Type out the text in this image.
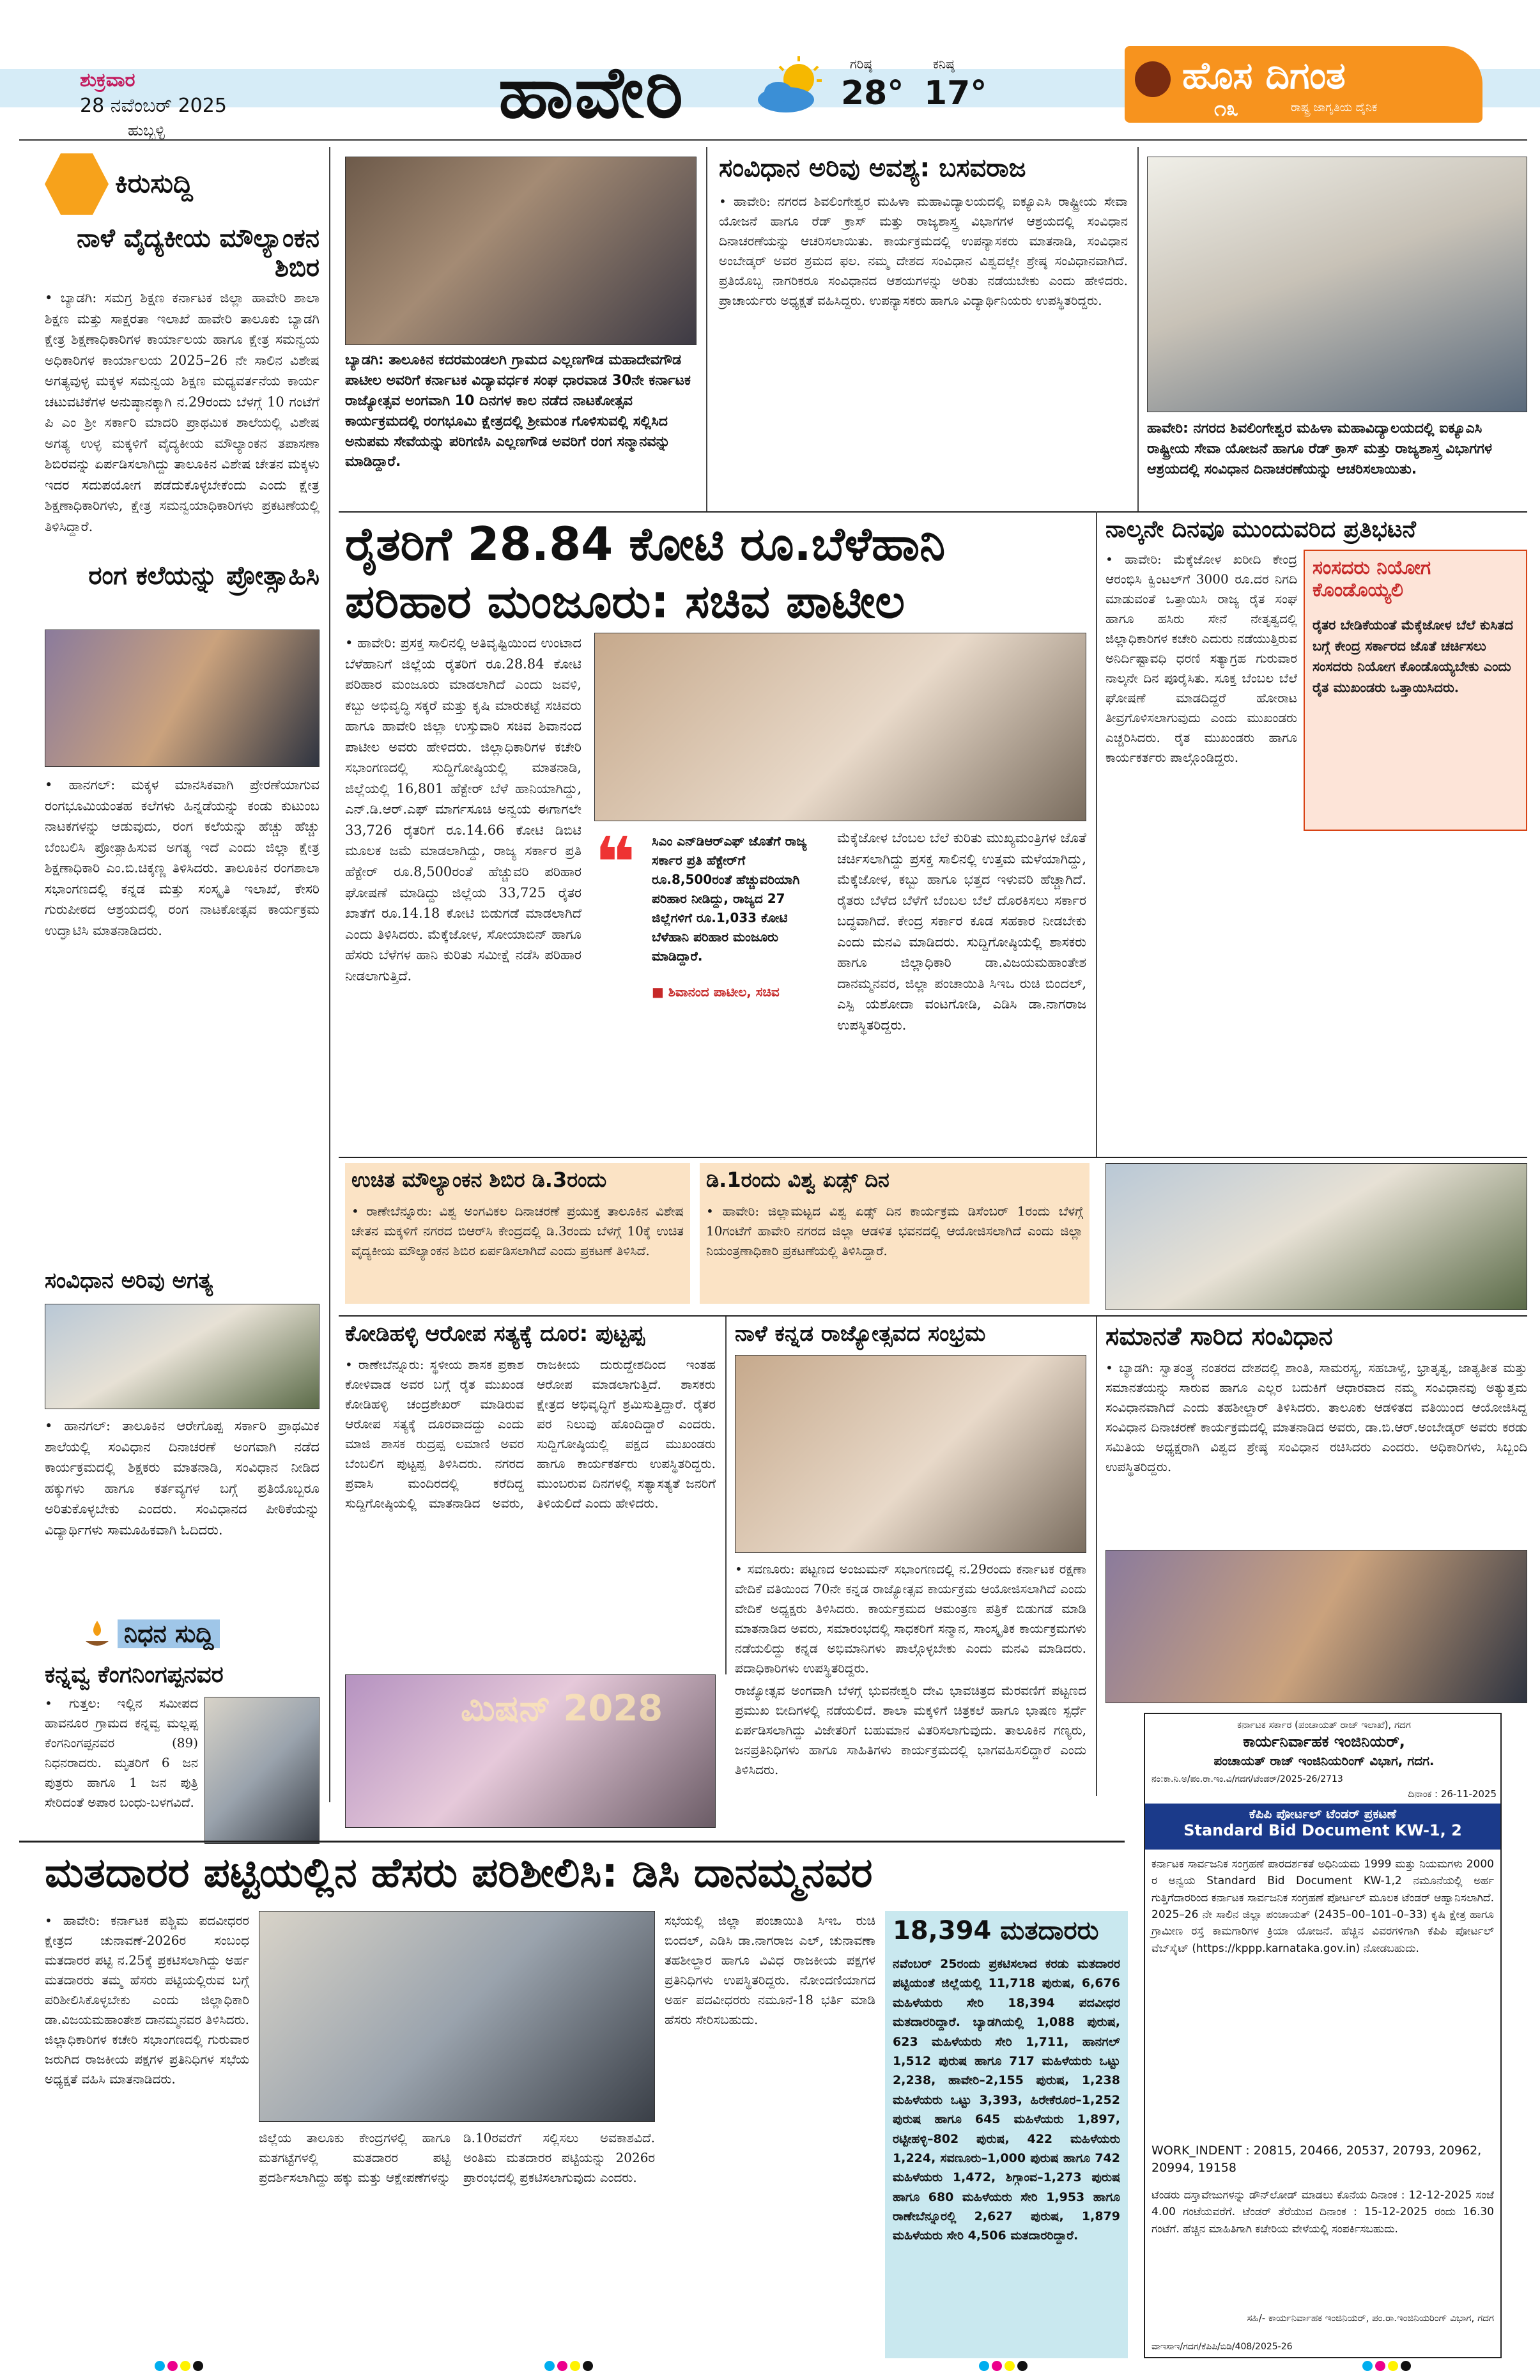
ಶುಕ್ರವಾರ
28 ನವೆಂಬರ್ 2025
ಹುಬ್ಬಳ್ಳಿ	ಹಾವೇರಿ	ಗರಿಷ್ಠ
28°
ಕನಿಷ್ಠ
17°	ಹೊಸ ದಿಗಂತ
೧೩	ರಾಷ್ಟ್ರ ಜಾಗೃತಿಯ ದೈನಿಕ
ಕಿರುಸುದ್ದಿ
ನಾಳೆ ವೈದ್ಯಕೀಯ ಮೌಲ್ಯಾಂಕನ ಶಿಬಿರ
• ಬ್ಯಾಡಗಿ: ಸಮಗ್ರ ಶಿಕ್ಷಣ ಕರ್ನಾಟಕ ಜಿಲ್ಲಾ ಹಾವೇರಿ ಶಾಲಾ ಶಿಕ್ಷಣ ಮತ್ತು ಸಾಕ್ಷರತಾ ಇಲಾಖೆ ಹಾವೇರಿ ತಾಲೂಕು ಬ್ಯಾಡಗಿ ಕ್ಷೇತ್ರ ಶಿಕ್ಷಣಾಧಿಕಾರಿಗಳ ಕಾರ್ಯಾಲಯ ಹಾಗೂ ಕ್ಷೇತ್ರ ಸಮನ್ವಯ ಅಧಿಕಾರಿಗಳ ಕಾರ್ಯಾಲಯ 2025–26 ನೇ ಸಾಲಿನ ವಿಶೇಷ ಅಗತ್ಯವುಳ್ಳ ಮಕ್ಕಳ ಸಮನ್ವಯ ಶಿಕ್ಷಣ ಮಧ್ಯವರ್ತನೆಯ ಕಾರ್ಯ ಚಟುವಟಿಕೆಗಳ ಅನುಷ್ಠಾನಕ್ಕಾಗಿ ನ.29ರಂದು ಬೆಳಗ್ಗೆ 10 ಗಂಟೆಗೆ ಪಿ ಎಂ ಶ್ರೀ ಸರ್ಕಾರಿ ಮಾದರಿ ಪ್ರಾಥಮಿಕ ಶಾಲೆಯಲ್ಲಿ ವಿಶೇಷ ಅಗತ್ಯ ಉಳ್ಳ ಮಕ್ಕಳಿಗೆ ವೈದ್ಯಕೀಯ ಮೌಲ್ಯಾಂಕನ ತಪಾಸಣಾ ಶಿಬಿರವನ್ನು ಏರ್ಪಡಿಸಲಾಗಿದ್ದು ತಾಲೂಕಿನ ವಿಶೇಷ ಚೇತನ ಮಕ್ಕಳು ಇದರ ಸದುಪಯೋಗ ಪಡೆದುಕೊಳ್ಳಬೇಕೆಂದು ಎಂದು ಕ್ಷೇತ್ರ ಶಿಕ್ಷಣಾಧಿಕಾರಿಗಳು, ಕ್ಷೇತ್ರ ಸಮನ್ವಯಾಧಿಕಾರಿಗಳು ಪ್ರಕಟಣೆಯಲ್ಲಿ ತಿಳಿಸಿದ್ದಾರೆ.
ರಂಗ ಕಲೆಯನ್ನು ಪ್ರೋತ್ಸಾಹಿಸಿ
• ಹಾನಗಲ್: ಮಕ್ಕಳ ಮಾನಸಿಕವಾಗಿ ಪ್ರೇರಣೆಯಾಗುವ ರಂಗಭೂಮಿಯಂತಹ ಕಲೆಗಳು ಹಿನ್ನಡೆಯನ್ನು ಕಂಡು ಕುಟುಂಬ ನಾಟಕಗಳನ್ನು ಆಡುವುದು, ರಂಗ ಕಲೆಯನ್ನು ಹೆಚ್ಚು ಹೆಚ್ಚು ಬೆಂಬಲಿಸಿ ಪ್ರೋತ್ಸಾಹಿಸುವ ಅಗತ್ಯ ಇದೆ ಎಂದು ಜಿಲ್ಲಾ ಕ್ಷೇತ್ರ ಶಿಕ್ಷಣಾಧಿಕಾರಿ ಎಂ.ಬಿ.ಚಿಕ್ಕಣ್ಣ ತಿಳಿಸಿದರು. ತಾಲೂಕಿನ ರಂಗಶಾಲಾ ಸಭಾಂಗಣದಲ್ಲಿ ಕನ್ನಡ ಮತ್ತು ಸಂಸ್ಕೃತಿ ಇಲಾಖೆ, ಕೇಸರಿ ಗುರುಪೀಠದ ಆಶ್ರಯದಲ್ಲಿ ರಂಗ ನಾಟಕೋತ್ಸವ ಕಾರ್ಯಕ್ರಮ ಉದ್ಘಾಟಿಸಿ ಮಾತನಾಡಿದರು.
ಸಂವಿಧಾನ ಅರಿವು ಅಗತ್ಯ
• ಹಾನಗಲ್: ತಾಲೂಕಿನ ಆರೇಗೊಪ್ಪ ಸರ್ಕಾರಿ ಪ್ರಾಥಮಿಕ ಶಾಲೆಯಲ್ಲಿ ಸಂವಿಧಾನ ದಿನಾಚರಣೆ ಅಂಗವಾಗಿ ನಡೆದ ಕಾರ್ಯಕ್ರಮದಲ್ಲಿ ಶಿಕ್ಷಕರು ಮಾತನಾಡಿ, ಸಂವಿಧಾನ ನೀಡಿದ ಹಕ್ಕುಗಳು ಹಾಗೂ ಕರ್ತವ್ಯಗಳ ಬಗ್ಗೆ ಪ್ರತಿಯೊಬ್ಬರೂ ಅರಿತುಕೊಳ್ಳಬೇಕು ಎಂದರು. ಸಂವಿಧಾನದ ಪೀಠಿಕೆಯನ್ನು ವಿದ್ಯಾರ್ಥಿಗಳು ಸಾಮೂಹಿಕವಾಗಿ ಓದಿದರು.
ನಿಧನ ಸುದ್ದಿ
ಕನ್ನವ್ವ ಕೆಂಗನಿಂಗಪ್ಪನವರ
• ಗುತ್ತಲ: ಇಲ್ಲಿನ ಸಮೀಪದ ಹಾವನೂರ ಗ್ರಾಮದ ಕನ್ನವ್ವ ಮಲ್ಲಪ್ಪ ಕೆಂಗನಿಂಗಪ್ಪನವರ (89) ನಿಧನರಾದರು. ಮೃತರಿಗೆ 6 ಜನ ಪುತ್ರರು ಹಾಗೂ 1 ಜನ ಪುತ್ರಿ ಸೇರಿದಂತೆ ಅಪಾರ ಬಂಧು-ಬಳಗವಿದೆ.
ಬ್ಯಾಡಗಿ: ತಾಲೂಕಿನ ಕದರಮಂಡಲಗಿ ಗ್ರಾಮದ ಎಲ್ಲಣಗೌಡ ಮಹಾದೇವಗೌಡ ಪಾಟೀಲ ಅವರಿಗೆ ಕರ್ನಾಟಕ ವಿದ್ಯಾವರ್ಧಕ ಸಂಘ ಧಾರವಾಡ 30ನೇ ಕರ್ನಾಟಕ ರಾಜ್ಯೋತ್ಸವ ಅಂಗವಾಗಿ 10 ದಿನಗಳ ಕಾಲ ನಡೆದ ನಾಟಕೋತ್ಸವ ಕಾರ್ಯಕ್ರಮದಲ್ಲಿ ರಂಗಭೂಮಿ ಕ್ಷೇತ್ರದಲ್ಲಿ ಶ್ರೀಮಂತ ಗೊಳಿಸುವಲ್ಲಿ ಸಲ್ಲಿಸಿದ ಅನುಪಮ ಸೇವೆಯನ್ನು ಪರಿಗಣಿಸಿ ಎಲ್ಲಣಗೌಡ ಅವರಿಗೆ ರಂಗ ಸನ್ಮಾನವನ್ನು ಮಾಡಿದ್ದಾರೆ.
ಸಂವಿಧಾನ ಅರಿವು ಅವಶ್ಯ: ಬಸವರಾಜ
• ಹಾವೇರಿ: ನಗರದ ಶಿವಲಿಂಗೇಶ್ವರ ಮಹಿಳಾ ಮಹಾವಿದ್ಯಾಲಯದಲ್ಲಿ ಐಕ್ಯೂಎಸಿ ರಾಷ್ಟ್ರೀಯ ಸೇವಾ ಯೋಜನೆ ಹಾಗೂ ರೆಡ್ ಕ್ರಾಸ್ ಮತ್ತು ರಾಜ್ಯಶಾಸ್ತ್ರ ವಿಭಾಗಗಳ ಆಶ್ರಯದಲ್ಲಿ ಸಂವಿಧಾನ ದಿನಾಚರಣೆಯನ್ನು ಆಚರಿಸಲಾಯಿತು. ಕಾರ್ಯಕ್ರಮದಲ್ಲಿ ಉಪನ್ಯಾಸಕರು ಮಾತನಾಡಿ, ಸಂವಿಧಾನ ಅಂಬೇಡ್ಕರ್ ಅವರ ಶ್ರಮದ ಫಲ. ನಮ್ಮ ದೇಶದ ಸಂವಿಧಾನ ವಿಶ್ವದಲ್ಲೇ ಶ್ರೇಷ್ಠ ಸಂವಿಧಾನವಾಗಿದೆ. ಪ್ರತಿಯೊಬ್ಬ ನಾಗರಿಕರೂ ಸಂವಿಧಾನದ ಆಶಯಗಳನ್ನು ಅರಿತು ನಡೆಯಬೇಕು ಎಂದು ಹೇಳಿದರು. ಪ್ರಾಚಾರ್ಯರು ಅಧ್ಯಕ್ಷತೆ ವಹಿಸಿದ್ದರು. ಉಪನ್ಯಾಸಕರು ಹಾಗೂ ವಿದ್ಯಾರ್ಥಿನಿಯರು ಉಪಸ್ಥಿತರಿದ್ದರು.
ಹಾವೇರಿ: ನಗರದ ಶಿವಲಿಂಗೇಶ್ವರ ಮಹಿಳಾ ಮಹಾವಿದ್ಯಾಲಯದಲ್ಲಿ ಐಕ್ಯೂಎಸಿ ರಾಷ್ಟ್ರೀಯ ಸೇವಾ ಯೋಜನೆ ಹಾಗೂ ರೆಡ್ ಕ್ರಾಸ್ ಮತ್ತು ರಾಜ್ಯಶಾಸ್ತ್ರ ವಿಭಾಗಗಳ ಆಶ್ರಯದಲ್ಲಿ ಸಂವಿಧಾನ ದಿನಾಚರಣೆಯನ್ನು ಆಚರಿಸಲಾಯಿತು.
ರೈತರಿಗೆ 28.84 ಕೋಟಿ ರೂ.ಬೆಳೆಹಾನಿ
ಪರಿಹಾರ ಮಂಜೂರು: ಸಚಿವ ಪಾಟೀಲ
• ಹಾವೇರಿ: ಪ್ರಸಕ್ತ ಸಾಲಿನಲ್ಲಿ ಅತಿವೃಷ್ಟಿಯಿಂದ ಉಂಟಾದ ಬೆಳೆಹಾನಿಗೆ ಜಿಲ್ಲೆಯ ರೈತರಿಗೆ ರೂ.28.84 ಕೋಟಿ ಪರಿಹಾರ ಮಂಜೂರು ಮಾಡಲಾಗಿದೆ ಎಂದು ಜವಳಿ, ಕಬ್ಬು ಅಭಿವೃದ್ಧಿ ಸಕ್ಕರೆ ಮತ್ತು ಕೃಷಿ ಮಾರುಕಟ್ಟೆ ಸಚಿವರು ಹಾಗೂ ಹಾವೇರಿ ಜಿಲ್ಲಾ ಉಸ್ತುವಾರಿ ಸಚಿವ ಶಿವಾನಂದ ಪಾಟೀಲ ಅವರು ಹೇಳಿದರು. ಜಿಲ್ಲಾಧಿಕಾರಿಗಳ ಕಚೇರಿ ಸಭಾಂಗಣದಲ್ಲಿ ಸುದ್ದಿಗೋಷ್ಠಿಯಲ್ಲಿ ಮಾತನಾಡಿ, ಜಿಲ್ಲೆಯಲ್ಲಿ 16,801 ಹೆಕ್ಟೇರ್ ಬೆಳೆ ಹಾನಿಯಾಗಿದ್ದು, ಎನ್.ಡಿ.ಆರ್.ಎಫ್ ಮಾರ್ಗಸೂಚಿ ಅನ್ವಯ ಈಗಾಗಲೇ 33,726 ರೈತರಿಗೆ ರೂ.14.66 ಕೋಟಿ ಡಿಬಿಟಿ ಮೂಲಕ ಜಮೆ ಮಾಡಲಾಗಿದ್ದು, ರಾಜ್ಯ ಸರ್ಕಾರ ಪ್ರತಿ ಹೆಕ್ಟೇರ್ ರೂ.8,500ರಂತೆ ಹೆಚ್ಚುವರಿ ಪರಿಹಾರ ಘೋಷಣೆ ಮಾಡಿದ್ದು ಜಿಲ್ಲೆಯ 33,725 ರೈತರ ಖಾತೆಗೆ ರೂ.14.18 ಕೋಟಿ ಬಿಡುಗಡೆ ಮಾಡಲಾಗಿದೆ ಎಂದು ತಿಳಿಸಿದರು. ಮೆಕ್ಕೆಜೋಳ, ಸೋಯಾಬಿನ್ ಹಾಗೂ ಹೆಸರು ಬೆಳೆಗಳ ಹಾನಿ ಕುರಿತು ಸಮೀಕ್ಷೆ ನಡೆಸಿ ಪರಿಹಾರ ನೀಡಲಾಗುತ್ತಿದೆ.
❝ ಸಿಎಂ ಎನ್‌ಡಿಆರ್‌ಎಫ್ ಜೊತೆಗೆ ರಾಜ್ಯ ಸರ್ಕಾರ ಪ್ರತಿ ಹೆಕ್ಟೇರ್‌ಗೆ ರೂ.8,500ರಂತೆ ಹೆಚ್ಚುವರಿಯಾಗಿ ಪರಿಹಾರ ನೀಡಿದ್ದು, ರಾಜ್ಯದ 27 ಜಿಲ್ಲೆಗಳಿಗೆ ರೂ.1,033 ಕೋಟಿ ಬೆಳೆಹಾನಿ ಪರಿಹಾರ ಮಂಜೂರು ಮಾಡಿದ್ದಾರೆ.
■ ಶಿವಾನಂದ ಪಾಟೀಲ, ಸಚಿವ
ಮೆಕ್ಕೆಜೋಳ ಬೆಂಬಲ ಬೆಲೆ ಕುರಿತು ಮುಖ್ಯಮಂತ್ರಿಗಳ ಜೊತೆ ಚರ್ಚಿಸಲಾಗಿದ್ದು ಪ್ರಸಕ್ತ ಸಾಲಿನಲ್ಲಿ ಉತ್ತಮ ಮಳೆಯಾಗಿದ್ದು, ಮೆಕ್ಕೆಜೋಳ, ಕಬ್ಬು ಹಾಗೂ ಭತ್ತದ ಇಳುವರಿ ಹೆಚ್ಚಾಗಿದೆ. ರೈತರು ಬೆಳೆದ ಬೆಳೆಗೆ ಬೆಂಬಲ ಬೆಲೆ ದೊರಕಿಸಲು ಸರ್ಕಾರ ಬದ್ಧವಾಗಿದೆ. ಕೇಂದ್ರ ಸರ್ಕಾರ ಕೂಡ ಸಹಕಾರ ನೀಡಬೇಕು ಎಂದು ಮನವಿ ಮಾಡಿದರು. ಸುದ್ದಿಗೋಷ್ಠಿಯಲ್ಲಿ ಶಾಸಕರು ಹಾಗೂ ಜಿಲ್ಲಾಧಿಕಾರಿ ಡಾ.ವಿಜಯಮಹಾಂತೇಶ ದಾನಮ್ಮನವರ, ಜಿಲ್ಲಾ ಪಂಚಾಯಿತಿ ಸಿಇಒ ರುಚಿ ಬಿಂದಲ್, ಎಸ್ಪಿ ಯಶೋದಾ ವಂಟಗೋಡಿ, ಎಡಿಸಿ ಡಾ.ನಾಗರಾಜ ಉಪಸ್ಥಿತರಿದ್ದರು.
ನಾಲ್ಕನೇ ದಿನವೂ ಮುಂದುವರಿದ ಪ್ರತಿಭಟನೆ
• ಹಾವೇರಿ: ಮೆಕ್ಕೆಜೋಳ ಖರೀದಿ ಕೇಂದ್ರ ಆರಂಭಿಸಿ ಕ್ವಿಂಟಲ್‌ಗೆ 3000 ರೂ.ದರ ನಿಗದಿ ಮಾಡುವಂತೆ ಒತ್ತಾಯಿಸಿ ರಾಜ್ಯ ರೈತ ಸಂಘ ಹಾಗೂ ಹಸಿರು ಸೇನೆ ನೇತೃತ್ವದಲ್ಲಿ ಜಿಲ್ಲಾಧಿಕಾರಿಗಳ ಕಚೇರಿ ಎದುರು ನಡೆಯುತ್ತಿರುವ ಅನಿರ್ದಿಷ್ಟಾವಧಿ ಧರಣಿ ಸತ್ಯಾಗ್ರಹ ಗುರುವಾರ ನಾಲ್ಕನೇ ದಿನ ಪೂರೈಸಿತು. ಸೂಕ್ತ ಬೆಂಬಲ ಬೆಲೆ ಘೋಷಣೆ ಮಾಡದಿದ್ದರೆ ಹೋರಾಟ ತೀವ್ರಗೊಳಿಸಲಾಗುವುದು ಎಂದು ಮುಖಂಡರು ಎಚ್ಚರಿಸಿದರು. ರೈತ ಮುಖಂಡರು ಹಾಗೂ ಕಾರ್ಯಕರ್ತರು ಪಾಲ್ಗೊಂಡಿದ್ದರು.
ಸಂಸದರು ನಿಯೋಗ ಕೊಂಡೊಯ್ಯಲಿ
ರೈತರ ಬೇಡಿಕೆಯಂತೆ ಮೆಕ್ಕೆಜೋಳ ಬೆಲೆ ಕುಸಿತದ ಬಗ್ಗೆ ಕೇಂದ್ರ ಸರ್ಕಾರದ ಜೊತೆ ಚರ್ಚಿಸಲು ಸಂಸದರು ನಿಯೋಗ ಕೊಂಡೊಯ್ಯಬೇಕು ಎಂದು ರೈತ ಮುಖಂಡರು ಒತ್ತಾಯಿಸಿದರು.
ಉಚಿತ ಮೌಲ್ಯಾಂಕನ ಶಿಬಿರ ಡಿ.3ರಂದು
• ರಾಣೇಬೆನ್ನೂರು: ವಿಶ್ವ ಅಂಗವಿಕಲ ದಿನಾಚರಣೆ ಪ್ರಯುಕ್ತ ತಾಲೂಕಿನ ವಿಶೇಷ ಚೇತನ ಮಕ್ಕಳಿಗೆ ನಗರದ ಬಿಆರ್‌ಸಿ ಕೇಂದ್ರದಲ್ಲಿ ಡಿ.3ರಂದು ಬೆಳಗ್ಗೆ 10ಕ್ಕೆ ಉಚಿತ ವೈದ್ಯಕೀಯ ಮೌಲ್ಯಾಂಕನ ಶಿಬಿರ ಏರ್ಪಡಿಸಲಾಗಿದೆ ಎಂದು ಪ್ರಕಟಣೆ ತಿಳಿಸಿದೆ.
ಡಿ.1ರಂದು ವಿಶ್ವ ಏಡ್ಸ್ ದಿನ
• ಹಾವೇರಿ: ಜಿಲ್ಲಾಮಟ್ಟದ ವಿಶ್ವ ಏಡ್ಸ್ ದಿನ ಕಾರ್ಯಕ್ರಮ ಡಿಸೆಂಬರ್ 1ರಂದು ಬೆಳಗ್ಗೆ 10ಗಂಟೆಗೆ ಹಾವೇರಿ ನಗರದ ಜಿಲ್ಲಾ ಆಡಳಿತ ಭವನದಲ್ಲಿ ಆಯೋಜಿಸಲಾಗಿದೆ ಎಂದು ಜಿಲ್ಲಾ ನಿಯಂತ್ರಣಾಧಿಕಾರಿ ಪ್ರಕಟಣೆಯಲ್ಲಿ ತಿಳಿಸಿದ್ದಾರೆ.
ಕೋಡಿಹಳ್ಳಿ ಆರೋಪ ಸತ್ಯಕ್ಕೆ ದೂರ: ಪುಟ್ಟಪ್ಪ
• ರಾಣೇಬೆನ್ನೂರು: ಸ್ಥಳೀಯ ಶಾಸಕ ಪ್ರಕಾಶ ಕೋಳಿವಾಡ ಅವರ ಬಗ್ಗೆ ರೈತ ಮುಖಂಡ ಕೋಡಿಹಳ್ಳಿ ಚಂದ್ರಶೇಖರ್ ಮಾಡಿರುವ ಆರೋಪ ಸತ್ಯಕ್ಕೆ ದೂರವಾದದ್ದು ಎಂದು ಮಾಜಿ ಶಾಸಕ ರುದ್ರಪ್ಪ ಲಮಾಣಿ ಅವರ ಬೆಂಬಲಿಗ ಪುಟ್ಟಪ್ಪ ತಿಳಿಸಿದರು. ನಗರದ ಪ್ರವಾಸಿ ಮಂದಿರದಲ್ಲಿ ಕರೆದಿದ್ದ ಸುದ್ದಿಗೋಷ್ಠಿಯಲ್ಲಿ ಮಾತನಾಡಿದ ಅವರು, ರಾಜಕೀಯ ದುರುದ್ದೇಶದಿಂದ ಇಂತಹ ಆರೋಪ ಮಾಡಲಾಗುತ್ತಿದೆ. ಶಾಸಕರು ಕ್ಷೇತ್ರದ ಅಭಿವೃದ್ಧಿಗೆ ಶ್ರಮಿಸುತ್ತಿದ್ದಾರೆ. ರೈತರ ಪರ ನಿಲುವು ಹೊಂದಿದ್ದಾರೆ ಎಂದರು. ಸುದ್ದಿಗೋಷ್ಠಿಯಲ್ಲಿ ಪಕ್ಷದ ಮುಖಂಡರು ಹಾಗೂ ಕಾರ್ಯಕರ್ತರು ಉಪಸ್ಥಿತರಿದ್ದರು. ಮುಂಬರುವ ದಿನಗಳಲ್ಲಿ ಸತ್ಯಾಸತ್ಯತೆ ಜನರಿಗೆ ತಿಳಿಯಲಿದೆ ಎಂದು ಹೇಳಿದರು.
ನಾಳೆ ಕನ್ನಡ ರಾಜ್ಯೋತ್ಸವದ ಸಂಭ್ರಮ
• ಸವಣೂರು: ಪಟ್ಟಣದ ಅಂಜುಮನ್ ಸಭಾಂಗಣದಲ್ಲಿ ನ.29ರಂದು ಕರ್ನಾಟಕ ರಕ್ಷಣಾ ವೇದಿಕೆ ವತಿಯಿಂದ 70ನೇ ಕನ್ನಡ ರಾಜ್ಯೋತ್ಸವ ಕಾರ್ಯಕ್ರಮ ಆಯೋಜಿಸಲಾಗಿದೆ ಎಂದು ವೇದಿಕೆ ಅಧ್ಯಕ್ಷರು ತಿಳಿಸಿದರು. ಕಾರ್ಯಕ್ರಮದ ಆಮಂತ್ರಣ ಪತ್ರಿಕೆ ಬಿಡುಗಡೆ ಮಾಡಿ ಮಾತನಾಡಿದ ಅವರು, ಸಮಾರಂಭದಲ್ಲಿ ಸಾಧಕರಿಗೆ ಸನ್ಮಾನ, ಸಾಂಸ್ಕೃತಿಕ ಕಾರ್ಯಕ್ರಮಗಳು ನಡೆಯಲಿದ್ದು ಕನ್ನಡ ಅಭಿಮಾನಿಗಳು ಪಾಲ್ಗೊಳ್ಳಬೇಕು ಎಂದು ಮನವಿ ಮಾಡಿದರು. ಪದಾಧಿಕಾರಿಗಳು ಉಪಸ್ಥಿತರಿದ್ದರು.
ಸಮಾನತೆ ಸಾರಿದ ಸಂವಿಧಾನ
• ಬ್ಯಾಡಗಿ: ಸ್ವಾತಂತ್ರ್ಯ ನಂತರದ ದೇಶದಲ್ಲಿ ಶಾಂತಿ, ಸಾಮರಸ್ಯ, ಸಹಬಾಳ್ವೆ, ಭ್ರಾತೃತ್ವ, ಜಾತ್ಯತೀತ ಮತ್ತು ಸಮಾನತೆಯನ್ನು ಸಾರುವ ಹಾಗೂ ಎಲ್ಲರ ಬದುಕಿಗೆ ಆಧಾರವಾದ ನಮ್ಮ ಸಂವಿಧಾನವು ಅತ್ಯುತ್ತಮ ಸಂವಿಧಾನವಾಗಿದೆ ಎಂದು ತಹಶೀಲ್ದಾರ್ ತಿಳಿಸಿದರು. ತಾಲೂಕು ಆಡಳಿತದ ವತಿಯಿಂದ ಆಯೋಜಿಸಿದ್ದ ಸಂವಿಧಾನ ದಿನಾಚರಣೆ ಕಾರ್ಯಕ್ರಮದಲ್ಲಿ ಮಾತನಾಡಿದ ಅವರು, ಡಾ.ಬಿ.ಆರ್.ಅಂಬೇಡ್ಕರ್ ಅವರು ಕರಡು ಸಮಿತಿಯ ಅಧ್ಯಕ್ಷರಾಗಿ ವಿಶ್ವದ ಶ್ರೇಷ್ಠ ಸಂವಿಧಾನ ರಚಿಸಿದರು ಎಂದರು. ಅಧಿಕಾರಿಗಳು, ಸಿಬ್ಬಂದಿ ಉಪಸ್ಥಿತರಿದ್ದರು.
ಮಿಷನ್ 2028	ರಾಜ್ಯೋತ್ಸವ ಅಂಗವಾಗಿ ಬೆಳಗ್ಗೆ ಭುವನೇಶ್ವರಿ ದೇವಿ ಭಾವಚಿತ್ರದ ಮೆರವಣಿಗೆ ಪಟ್ಟಣದ ಪ್ರಮುಖ ಬೀದಿಗಳಲ್ಲಿ ನಡೆಯಲಿದೆ. ಶಾಲಾ ಮಕ್ಕಳಿಗೆ ಚಿತ್ರಕಲೆ ಹಾಗೂ ಭಾಷಣ ಸ್ಪರ್ಧೆ ಏರ್ಪಡಿಸಲಾಗಿದ್ದು ವಿಜೇತರಿಗೆ ಬಹುಮಾನ ವಿತರಿಸಲಾಗುವುದು. ತಾಲೂಕಿನ ಗಣ್ಯರು, ಜನಪ್ರತಿನಿಧಿಗಳು ಹಾಗೂ ಸಾಹಿತಿಗಳು ಕಾರ್ಯಕ್ರಮದಲ್ಲಿ ಭಾಗವಹಿಸಲಿದ್ದಾರೆ ಎಂದು ತಿಳಿಸಿದರು.
ಕರ್ನಾಟಕ ಸರ್ಕಾರ (ಪಂಚಾಯತ್ ರಾಜ್ ಇಲಾಖೆ), ಗದಗ
ಕಾರ್ಯನಿರ್ವಾಹಕ ಇಂಜಿನಿಯರ್,
ಪಂಚಾಯತ್ ರಾಜ್ ಇಂಜಿನಿಯರಿಂಗ್ ವಿಭಾಗ, ಗದಗ.
ನಂ:ಕಾ.ನಿ.ಅ/ಪಂ.ರಾ.ಇಂ.ವಿ/ಗದಗ/ಟೆಂಡರ್/2025-26/2713
ದಿನಾಂಕ : 26-11-2025
ಕೆಪಿಪಿ ಪೋರ್ಟಲ್ ಟೆಂಡರ್ ಪ್ರಕಟಣೆ
Standard Bid Document KW-1, 2
ಕರ್ನಾಟಕ ಸಾರ್ವಜನಿಕ ಸಂಗ್ರಹಣೆ ಪಾರದರ್ಶಕತೆ ಅಧಿನಿಯಮ 1999 ಮತ್ತು ನಿಯಮಗಳು 2000 ರ ಅನ್ವಯ Standard Bid Document KW-1,2 ನಮೂನೆಯಲ್ಲಿ ಅರ್ಹ ಗುತ್ತಿಗೆದಾರರಿಂದ ಕರ್ನಾಟಕ ಸಾರ್ವಜನಿಕ ಸಂಗ್ರಹಣೆ ಪೋರ್ಟಲ್ ಮೂಲಕ ಟೆಂಡರ್ ಆಹ್ವಾನಿಸಲಾಗಿದೆ. 2025–26 ನೇ ಸಾಲಿನ ಜಿಲ್ಲಾ ಪಂಚಾಯತ್ (2435–00–101–0–33) ಕೃಷಿ ಕ್ಷೇತ್ರ ಹಾಗೂ ಗ್ರಾಮೀಣ ರಸ್ತೆ ಕಾಮಗಾರಿಗಳ ಕ್ರಿಯಾ ಯೋಜನೆ. ಹೆಚ್ಚಿನ ವಿವರಗಳಿಗಾಗಿ ಕೆಪಿಪಿ ಪೋರ್ಟಲ್ ವೆಬ್‌ಸೈಟ್ (https://kppp.karnataka.gov.in) ನೋಡಬಹುದು.
WORK_INDENT : 20815, 20466, 20537, 20793, 20962, 20994, 19158
ಟೆಂಡರು ದಸ್ತಾವೇಜುಗಳನ್ನು ಡೌನ್‌ಲೋಡ್ ಮಾಡಲು ಕೊನೆಯ ದಿನಾಂಕ : 12-12-2025 ಸಂಜೆ 4.00 ಗಂಟೆಯವರೆಗೆ. ಟೆಂಡರ್ ತೆರೆಯುವ ದಿನಾಂಕ : 15-12-2025 ರಂದು 16.30 ಗಂಟೆಗೆ. ಹೆಚ್ಚಿನ ಮಾಹಿತಿಗಾಗಿ ಕಚೇರಿಯ ವೇಳೆಯಲ್ಲಿ ಸಂಪರ್ಕಿಸಬಹುದು.
ಸಹಿ/- ಕಾರ್ಯನಿರ್ವಾಹಕ ಇಂಜಿನಿಯರ್, ಪಂ.ರಾ.ಇಂಜಿನಿಯರಿಂಗ್ ವಿಭಾಗ, ಗದಗ
ವಾಇಸಾಇ/ಗದಗ/ಕೆಪಿಪಿ/ಬಿಡಿ/408/2025-26
ಮತದಾರರ ಪಟ್ಟಿಯಲ್ಲಿನ ಹೆಸರು ಪರಿಶೀಲಿಸಿ: ಡಿಸಿ ದಾನಮ್ಮನವರ
• ಹಾವೇರಿ: ಕರ್ನಾಟಕ ಪಶ್ಚಿಮ ಪದವೀಧರರ ಕ್ಷೇತ್ರದ ಚುನಾವಣೆ-2026ರ ಸಂಬಂಧ ಮತದಾರರ ಪಟ್ಟಿ ನ.25ಕ್ಕೆ ಪ್ರಕಟಿಸಲಾಗಿದ್ದು ಅರ್ಹ ಮತದಾರರು ತಮ್ಮ ಹೆಸರು ಪಟ್ಟಿಯಲ್ಲಿರುವ ಬಗ್ಗೆ ಪರಿಶೀಲಿಸಿಕೊಳ್ಳಬೇಕು ಎಂದು ಜಿಲ್ಲಾಧಿಕಾರಿ ಡಾ.ವಿಜಯಮಹಾಂತೇಶ ದಾನಮ್ಮನವರ ತಿಳಿಸಿದರು. ಜಿಲ್ಲಾಧಿಕಾರಿಗಳ ಕಚೇರಿ ಸಭಾಂಗಣದಲ್ಲಿ ಗುರುವಾರ ಜರುಗಿದ ರಾಜಕೀಯ ಪಕ್ಷಗಳ ಪ್ರತಿನಿಧಿಗಳ ಸಭೆಯ ಅಧ್ಯಕ್ಷತೆ ವಹಿಸಿ ಮಾತನಾಡಿದರು.
ಜಿಲ್ಲೆಯ ತಾಲೂಕು ಕೇಂದ್ರಗಳಲ್ಲಿ ಹಾಗೂ ಮತಗಟ್ಟೆಗಳಲ್ಲಿ ಮತದಾರರ ಪಟ್ಟಿ ಪ್ರದರ್ಶಿಸಲಾಗಿದ್ದು ಹಕ್ಕು ಮತ್ತು ಆಕ್ಷೇಪಣೆಗಳನ್ನು ಡಿ.10ರವರೆಗೆ ಸಲ್ಲಿಸಲು ಅವಕಾಶವಿದೆ. ಅಂತಿಮ ಮತದಾರರ ಪಟ್ಟಿಯನ್ನು 2026ರ ಪ್ರಾರಂಭದಲ್ಲಿ ಪ್ರಕಟಿಸಲಾಗುವುದು ಎಂದರು.
ಸಭೆಯಲ್ಲಿ ಜಿಲ್ಲಾ ಪಂಚಾಯಿತಿ ಸಿಇಒ ರುಚಿ ಬಿಂದಲ್, ಎಡಿಸಿ ಡಾ.ನಾಗರಾಜ ಎಲ್, ಚುನಾವಣಾ ತಹಶೀಲ್ದಾರ ಹಾಗೂ ವಿವಿಧ ರಾಜಕೀಯ ಪಕ್ಷಗಳ ಪ್ರತಿನಿಧಿಗಳು ಉಪಸ್ಥಿತರಿದ್ದರು. ನೋಂದಣಿಯಾಗದ ಅರ್ಹ ಪದವೀಧರರು ನಮೂನೆ-18 ಭರ್ತಿ ಮಾಡಿ ಹೆಸರು ಸೇರಿಸಬಹುದು.
18,394 ಮತದಾರರು
ನವೆಂಬರ್ 25ರಂದು ಪ್ರಕಟಿಸಲಾದ ಕರಡು ಮತದಾರರ ಪಟ್ಟಿಯಂತೆ ಜಿಲ್ಲೆಯಲ್ಲಿ 11,718 ಪುರುಷ, 6,676 ಮಹಿಳೆಯರು ಸೇರಿ 18,394 ಪದವೀಧರ ಮತದಾರರಿದ್ದಾರೆ. ಬ್ಯಾಡಗಿಯಲ್ಲಿ 1,088 ಪುರುಷ, 623 ಮಹಿಳೆಯರು ಸೇರಿ 1,711, ಹಾನಗಲ್ 1,512 ಪುರುಷ ಹಾಗೂ 717 ಮಹಿಳೆಯರು ಒಟ್ಟು 2,238, ಹಾವೇರಿ–2,155 ಪುರುಷ, 1,238 ಮಹಿಳೆಯರು ಒಟ್ಟು 3,393, ಹಿರೇಕೆರೂರ–1,252 ಪುರುಷ ಹಾಗೂ 645 ಮಹಿಳೆಯರು 1,897, ರಟ್ಟೀಹಳ್ಳಿ–802 ಪುರುಷ, 422 ಮಹಿಳೆಯರು 1,224, ಸವಣೂರು–1,000 ಪುರುಷ ಹಾಗೂ 742 ಮಹಿಳೆಯರು 1,472, ಶಿಗ್ಗಾಂವ–1,273 ಪುರುಷ ಹಾಗೂ 680 ಮಹಿಳೆಯರು ಸೇರಿ 1,953 ಹಾಗೂ ರಾಣೇಬೆನ್ನೂರಲ್ಲಿ 2,627 ಪುರುಷ, 1,879 ಮಹಿಳೆಯರು ಸೇರಿ 4,506 ಮತದಾರರಿದ್ದಾರೆ.
